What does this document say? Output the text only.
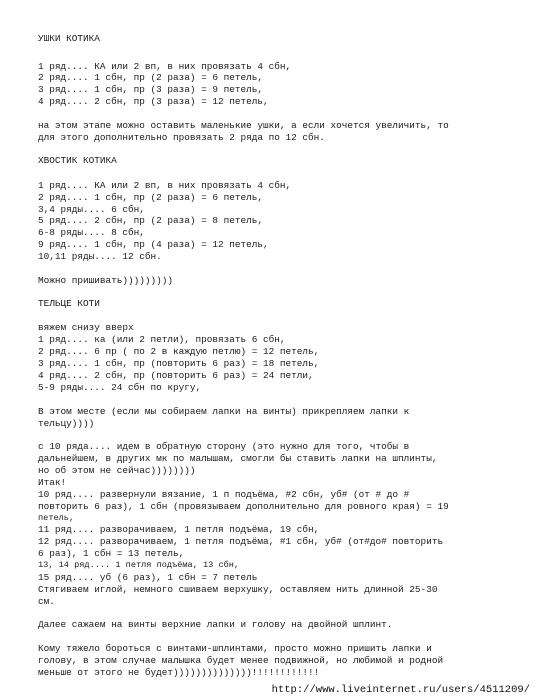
УШКИ КОТИКА
1 ряд.... КА или 2 вп, в них провязать 4 сбн,
2 ряд.... 1 сбн, пр (2 раза) = 6 петель,
3 ряд.... 1 сбн, пр (3 раза) = 9 петель,
4 ряд.... 2 сбн, пр (3 раза) = 12 петель,
на этом этапе можно оставить маленькие ушки, а если хочется увеличить, то
для этого дополнительно провязать 2 ряда по 12 сбн.
ХВОСТИК КОТИКА
1 ряд.... КА или 2 вп, в них провязать 4 сбн,
2 ряд.... 1 сбн, пр (2 раза) = 6 петель,
3,4 ряды.... 6 сбн,
5 ряд.... 2 сбн, пр (2 раза) = 8 петель,
6-8 ряды.... 8 сбн,
9 ряд.... 1 сбн, пр (4 раза) = 12 петель,
10,11 ряды.... 12 сбн.
Можно пришивать)))))))))
ТЕЛЬЦЕ КОТИ
вяжем снизу вверх
1 ряд.... ка (или 2 петли), провязать 6 сбн,
2 ряд.... 6 пр ( по 2 в каждую петлю) = 12 петель,
3 ряд.... 1 сбн, пр (повторить 6 раз) = 18 петель,
4 ряд.... 2 сбн, пр (повторить 6 раз) = 24 петли,
5-9 ряды.... 24 сбн по кругу,
В этом месте (если мы собираем лапки на винты) прикрепляем лапки к
тельцу))))
с 10 ряда.... идем в обратную сторону (это нужно для того, чтобы в
дальнейшем, в других мк по малышам, смогли бы ставить лапки на шплинты,
но об этом не сейчас))))))))
Итак!
10 ряд.... развернули вязание, 1 п подъёма, #2 сбн, уб# (от # до #
повторить 6 раз), 1 сбн (провязываем дополнительно для ровного края) = 19
петель,
11 ряд.... разворачиваем, 1 петля подъёма, 19 сбн,
12 ряд.... разворачиваем, 1 петля подъёма, #1 сбн, уб# (от#до# повторить
6 раз), 1 сбн = 13 петель,
13, 14 ряд.... 1 петля подъёма, 13 сбн,
15 ряд.... уб (6 раз), 1 сбн = 7 петель
Стягиваем иглой, немного сшиваем верхушку, оставляем нить длинной 25-30
см.
Далее сажаем на винты верхние лапки и голову на двойной шплинт.
Кому тяжело бороться с винтами-шплинтами, просто можно пришить лапки и
голову, в этом случае малышка будет менее подвижной, но любимой и родной
меньше от этого не будет))))))))))))))!!!!!!!!!!!!
http://www.liveinternet.ru/users/4511209/
